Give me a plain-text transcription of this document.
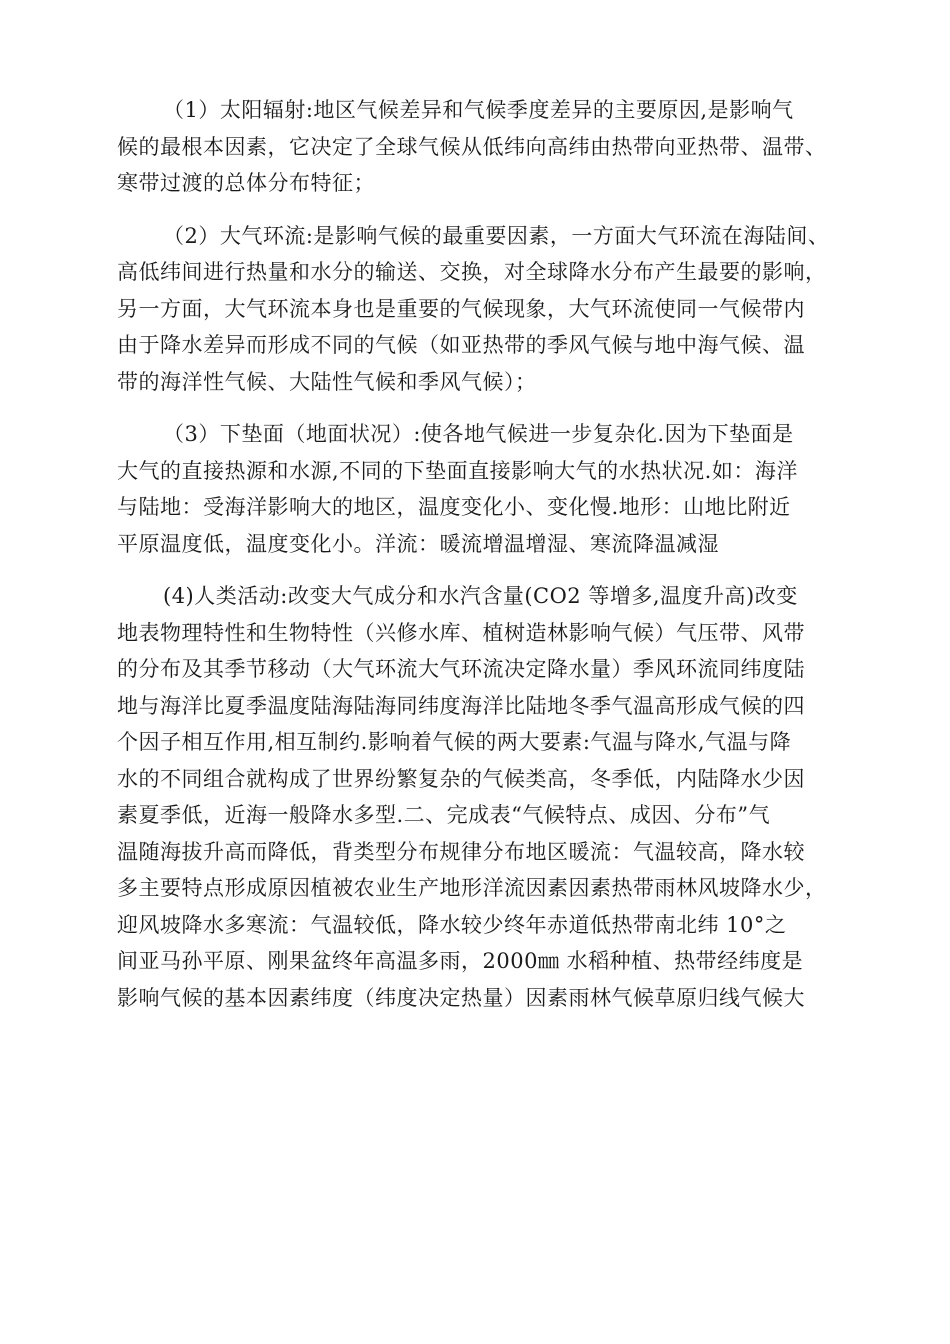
（1）太阳辐射:地区气候差异和气候季度差异的主要原因,是影响气
候的最根本因素，它决定了全球气候从低纬向高纬由热带向亚热带、温带、
寒带过渡的总体分布特征；
（2）大气环流:是影响气候的最重要因素，一方面大气环流在海陆间、
高低纬间进行热量和水分的输送、交换，对全球降水分布产生最要的影响，
另一方面，大气环流本身也是重要的气候现象，大气环流使同一气候带内
由于降水差异而形成不同的气候（如亚热带的季风气候与地中海气候、温
带的海洋性气候、大陆性气候和季风气候）；
（3）下垫面（地面状况）:使各地气候进一步复杂化.因为下垫面是
大气的直接热源和水源,不同的下垫面直接影响大气的水热状况.如：海洋
与陆地：受海洋影响大的地区，温度变化小、变化慢.地形：山地比附近
平原温度低，温度变化小。洋流：暖流增温增湿、寒流降温减湿
(4)人类活动:改变大气成分和水汽含量(CO2 等增多,温度升高)改变
地表物理特性和生物特性（兴修水库、植树造林影响气候）气压带、风带
的分布及其季节移动（大气环流大气环流决定降水量）季风环流同纬度陆
地与海洋比夏季温度陆海陆海同纬度海洋比陆地冬季气温高形成气候的四
个因子相互作用,相互制约.影响着气候的两大要素:气温与降水,气温与降
水的不同组合就构成了世界纷繁复杂的气候类高，冬季低，内陆降水少因
素夏季低，近海一般降水多型.二、完成表“气候特点、成因、分布”气
温随海拔升高而降低，背类型分布规律分布地区暖流：气温较高，降水较
多主要特点形成原因植被农业生产地形洋流因素因素热带雨林风坡降水少，
迎风坡降水多寒流：气温较低，降水较少终年赤道低热带南北纬 10°之
间亚马孙平原、刚果盆终年高温多雨，2000㎜ 水稻种植、热带经纬度是
影响气候的基本因素纬度（纬度决定热量）因素雨林气候草原归线气候大
